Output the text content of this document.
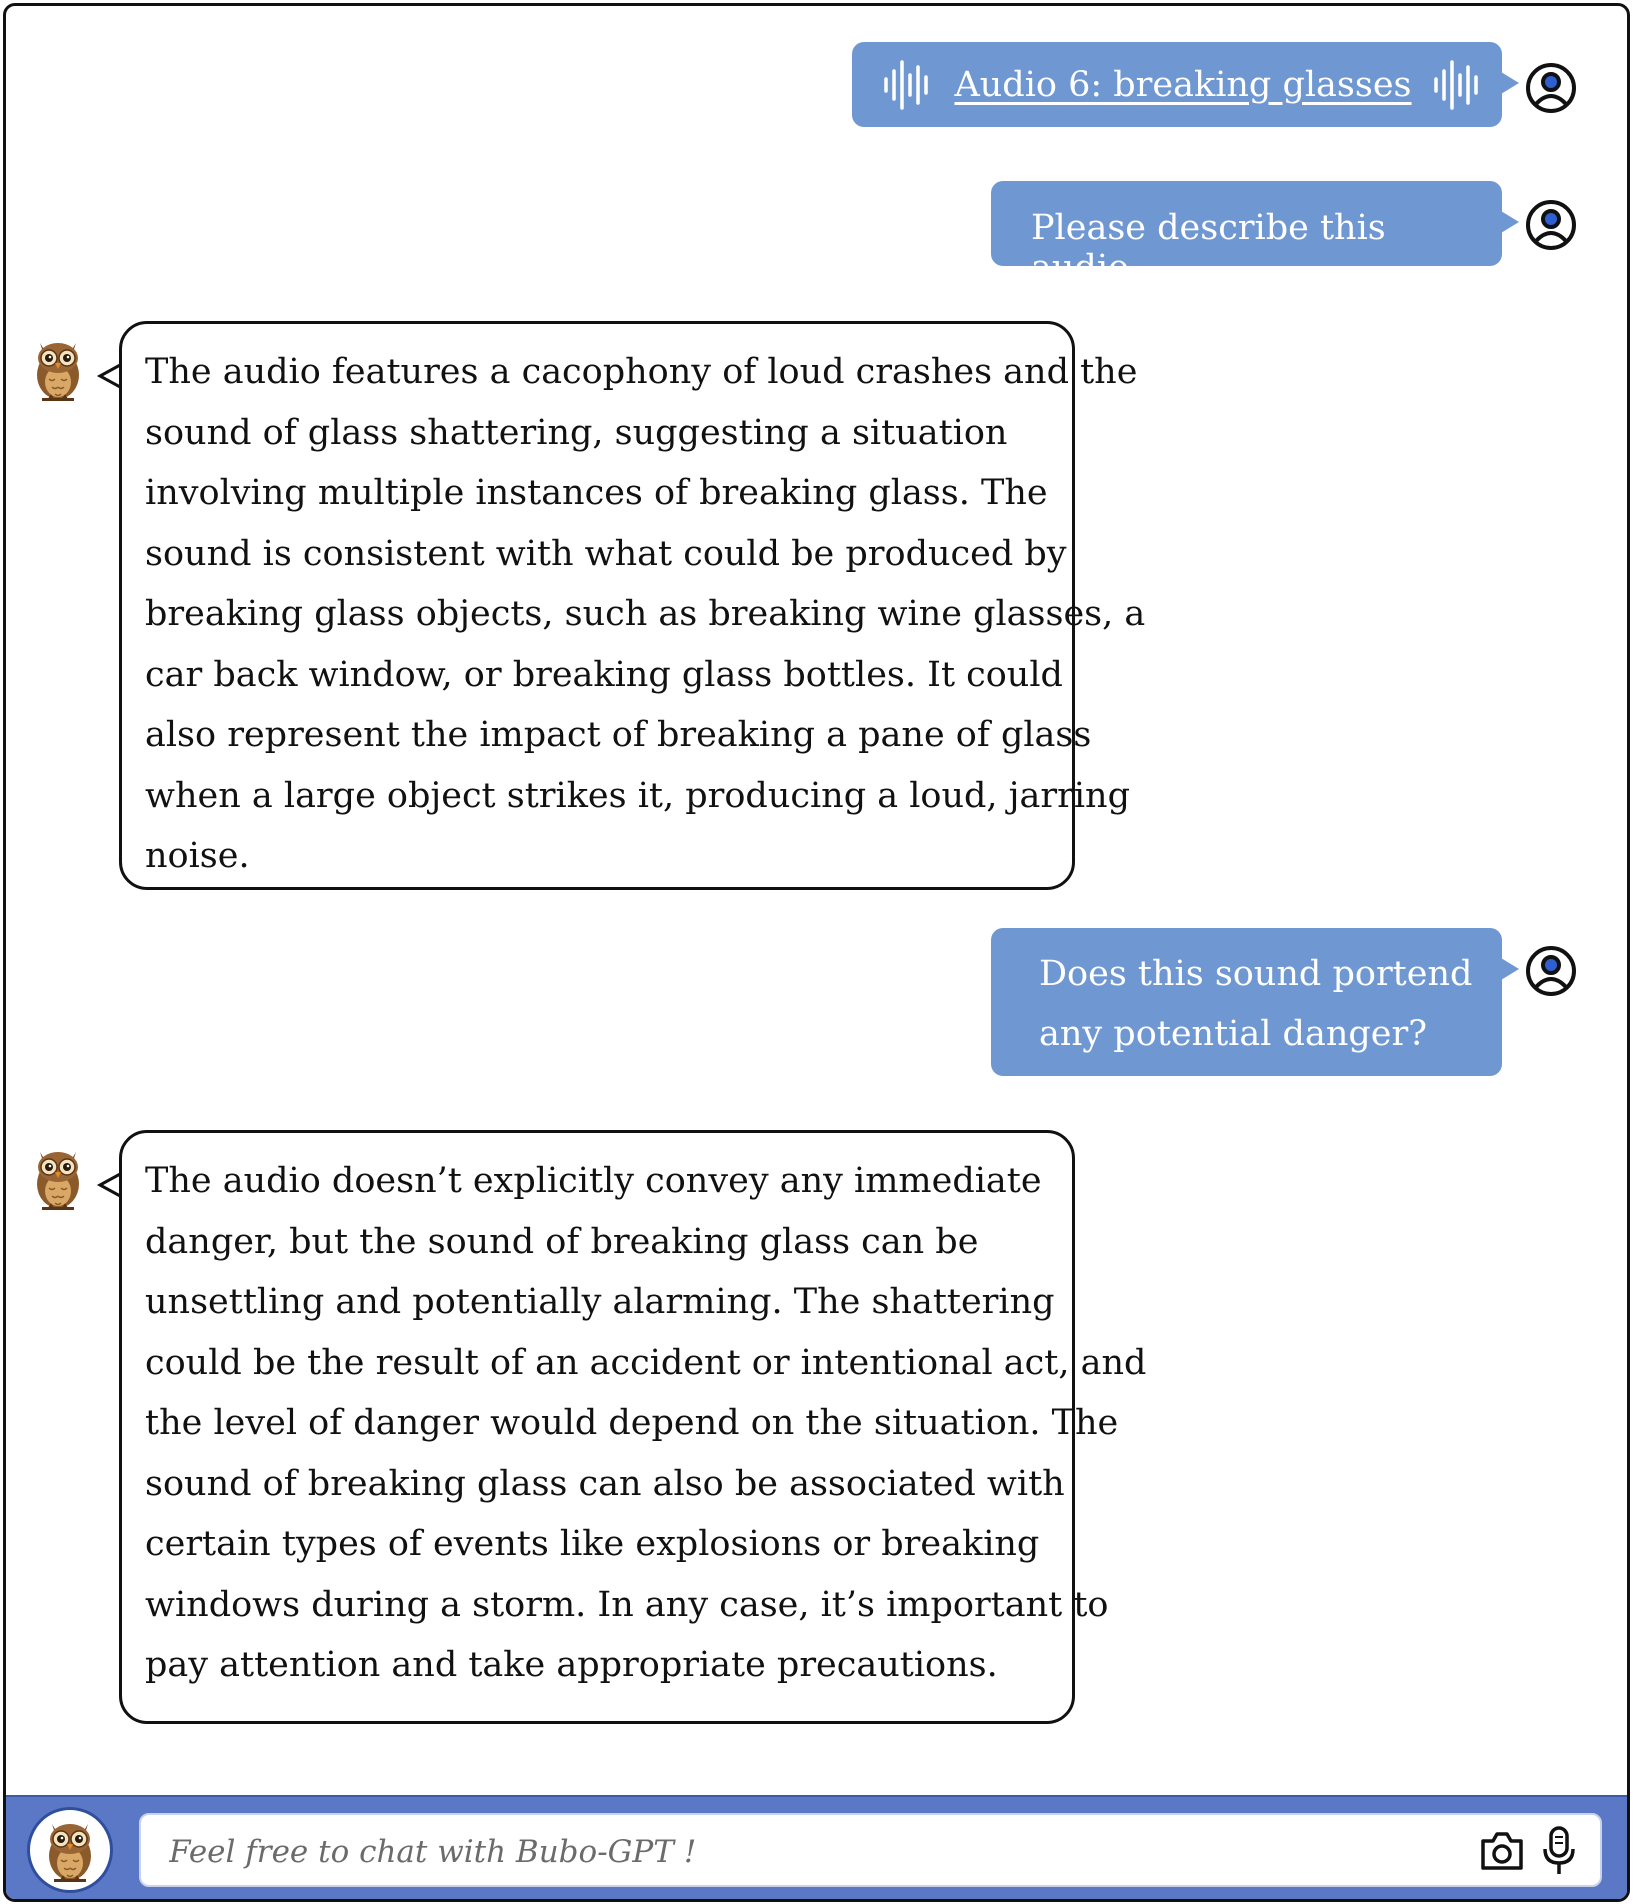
Audio 6: breaking glasses
Please describe this audio.
The audio features a cacophony of loud crashes and the
sound of glass shattering, suggesting a situation
involving multiple instances of breaking glass. The
sound is consistent with what could be produced by
breaking glass objects, such as breaking wine glasses, a
car back window, or breaking glass bottles. It could
also represent the impact of breaking a pane of glass
when a large object strikes it, producing a loud, jarring
noise.
Does this sound portend
any potential danger?
The audio doesn’t explicitly convey any immediate
danger, but the sound of breaking glass can be
unsettling and potentially alarming. The shattering
could be the result of an accident or intentional act, and
the level of danger would depend on the situation. The
sound of breaking glass can also be associated with
certain types of events like explosions or breaking
windows during a storm. In any case, it’s important to
pay attention and take appropriate precautions.
Feel free to chat with Bubo-GPT !
